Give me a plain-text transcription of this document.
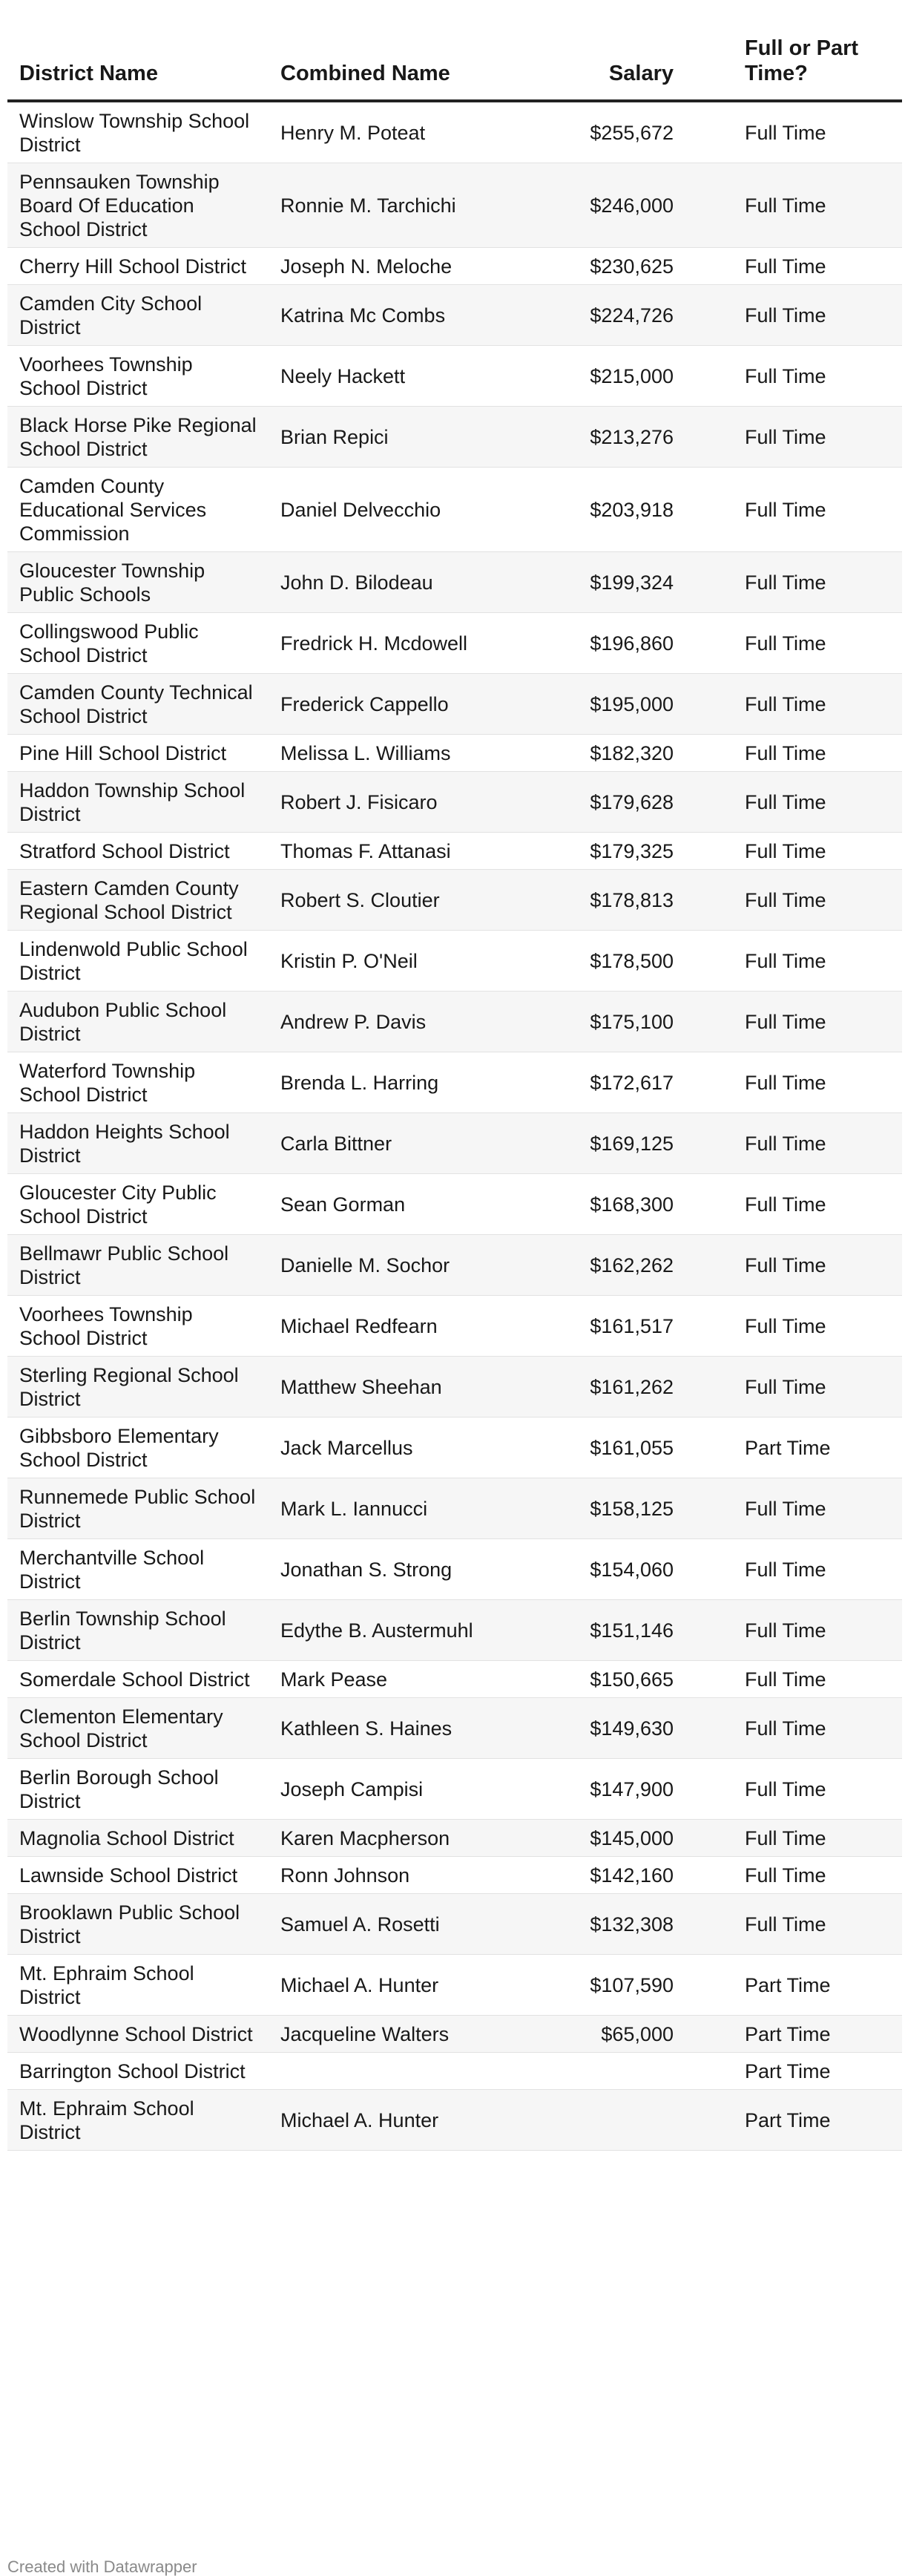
District Name	Combined Name	Salary	Full or Part Time?
Winslow Township School District	Henry M. Poteat	$255,672	Full Time
Pennsauken Township Board Of Education School District	Ronnie M. Tarchichi	$246,000	Full Time
Cherry Hill School District	Joseph N. Meloche	$230,625	Full Time
Camden City School District	Katrina Mc Combs	$224,726	Full Time
Voorhees Township School District	Neely Hackett	$215,000	Full Time
Black Horse Pike Regional School District	Brian Repici	$213,276	Full Time
Camden County Educational Services Commission	Daniel Delvecchio	$203,918	Full Time
Gloucester Township Public Schools	John D. Bilodeau	$199,324	Full Time
Collingswood Public School District	Fredrick H. Mcdowell	$196,860	Full Time
Camden County Technical School District	Frederick Cappello	$195,000	Full Time
Pine Hill School District	Melissa L. Williams	$182,320	Full Time
Haddon Township School District	Robert J. Fisicaro	$179,628	Full Time
Stratford School District	Thomas F. Attanasi	$179,325	Full Time
Eastern Camden County Regional School District	Robert S. Cloutier	$178,813	Full Time
Lindenwold Public School District	Kristin P. O'Neil	$178,500	Full Time
Audubon Public School District	Andrew P. Davis	$175,100	Full Time
Waterford Township School District	Brenda L. Harring	$172,617	Full Time
Haddon Heights School District	Carla Bittner	$169,125	Full Time
Gloucester City Public School District	Sean Gorman	$168,300	Full Time
Bellmawr Public School District	Danielle M. Sochor	$162,262	Full Time
Voorhees Township School District	Michael Redfearn	$161,517	Full Time
Sterling Regional School District	Matthew Sheehan	$161,262	Full Time
Gibbsboro Elementary School District	Jack Marcellus	$161,055	Part Time
Runnemede Public School District	Mark L. Iannucci	$158,125	Full Time
Merchantville School District	Jonathan S. Strong	$154,060	Full Time
Berlin Township School District	Edythe B. Austermuhl	$151,146	Full Time
Somerdale School District	Mark Pease	$150,665	Full Time
Clementon Elementary School District	Kathleen S. Haines	$149,630	Full Time
Berlin Borough School District	Joseph Campisi	$147,900	Full Time
Magnolia School District	Karen Macpherson	$145,000	Full Time
Lawnside School District	Ronn Johnson	$142,160	Full Time
Brooklawn Public School District	Samuel A. Rosetti	$132,308	Full Time
Mt. Ephraim School District	Michael A. Hunter	$107,590	Part Time
Woodlynne School District	Jacqueline Walters	$65,000	Part Time
Barrington School District			Part Time
Mt. Ephraim School District	Michael A. Hunter		Part Time
Created with Datawrapper
